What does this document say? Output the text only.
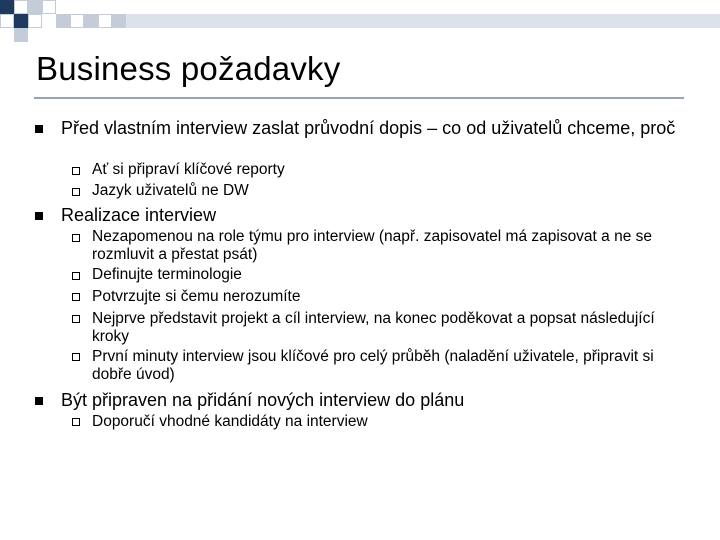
Business požadavky
Před vlastním interview zaslat průvodní dopis – co od uživatelů chceme, proč
Ať si připraví klíčové reporty
Jazyk uživatelů ne DW
Realizace interview
Nezapomenou na role týmu pro interview (např. zapisovatel má zapisovat a ne se rozmluvit a přestat psát)
Definujte terminologie
Potvrzujte si čemu nerozumíte
Nejprve představit projekt a cíl interview, na konec poděkovat a popsat následující kroky
První minuty interview jsou klíčové pro celý průběh (naladění uživatele, připravit si dobře úvod)
Být připraven na přidání nových interview do plánu
Doporučí vhodné kandidáty na interview
